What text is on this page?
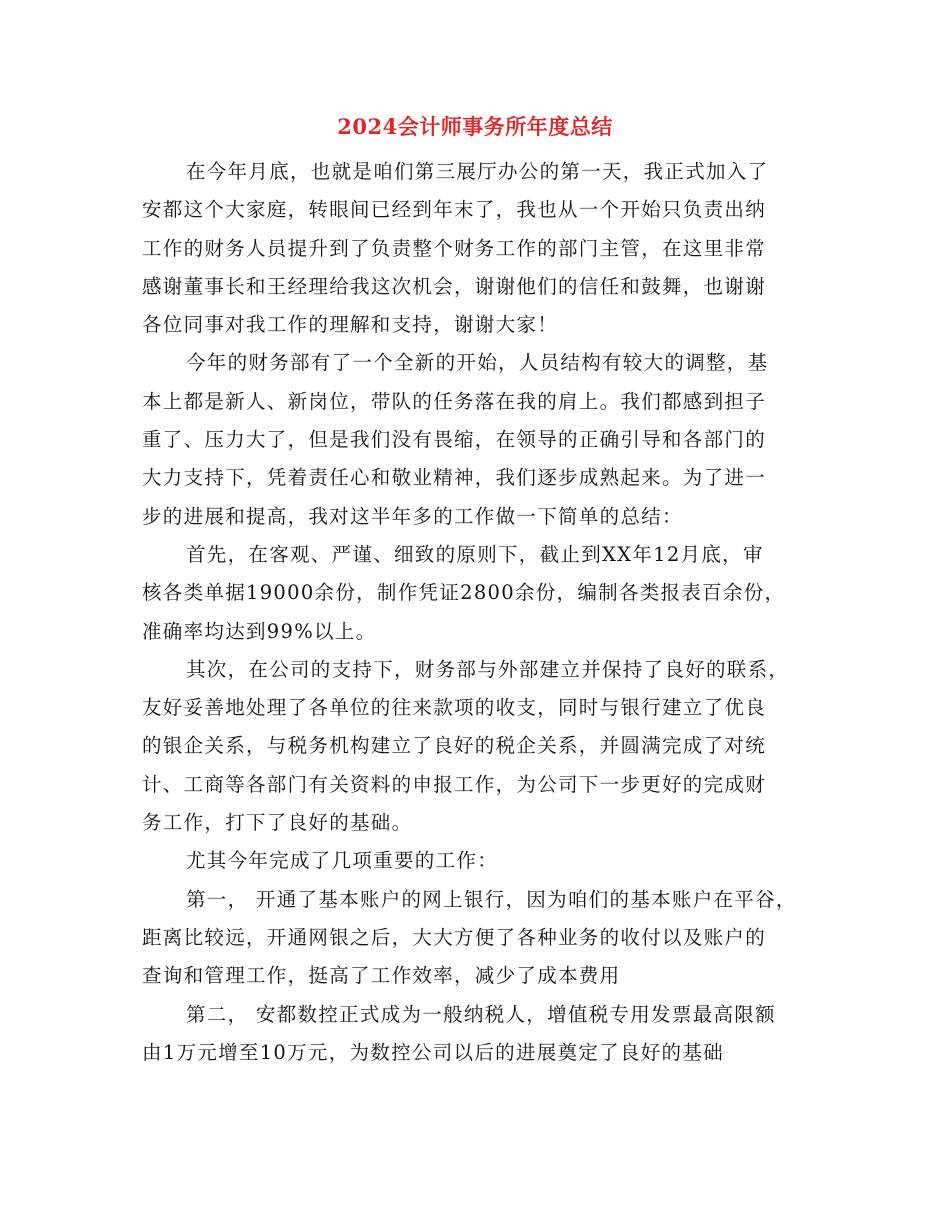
2024会计师事务所年度总结
在今年月底，也就是咱们第三展厅办公的第一天，我正式加入了
安都这个大家庭，转眼间已经到年末了，我也从一个开始只负责出纳
工作的财务人员提升到了负责整个财务工作的部门主管，在这里非常
感谢董事长和王经理给我这次机会，谢谢他们的信任和鼓舞，也谢谢
各位同事对我工作的理解和支持，谢谢大家！
今年的财务部有了一个全新的开始，人员结构有较大的调整，基
本上都是新人、新岗位，带队的任务落在我的肩上。我们都感到担子
重了、压力大了，但是我们没有畏缩，在领导的正确引导和各部门的
大力支持下，凭着责任心和敬业精神，我们逐步成熟起来。为了进一
步的进展和提高，我对这半年多的工作做一下简单的总结：
首先，在客观、严谨、细致的原则下，截止到XX年12月底，审
核各类单据19000余份，制作凭证2800余份，编制各类报表百余份，
准确率均达到99%以上。
其次，在公司的支持下，财务部与外部建立并保持了良好的联系，
友好妥善地处理了各单位的往来款项的收支，同时与银行建立了优良
的银企关系，与税务机构建立了良好的税企关系，并圆满完成了对统
计、工商等各部门有关资料的申报工作，为公司下一步更好的完成财
务工作，打下了良好的基础。
尤其今年完成了几项重要的工作：
第一， 开通了基本账户的网上银行，因为咱们的基本账户在平谷，
距离比较远，开通网银之后，大大方便了各种业务的收付以及账户的
查询和管理工作，挺高了工作效率，减少了成本费用
第二， 安都数控正式成为一般纳税人，增值税专用发票最高限额
由1万元增至10万元，为数控公司以后的进展奠定了良好的基础
